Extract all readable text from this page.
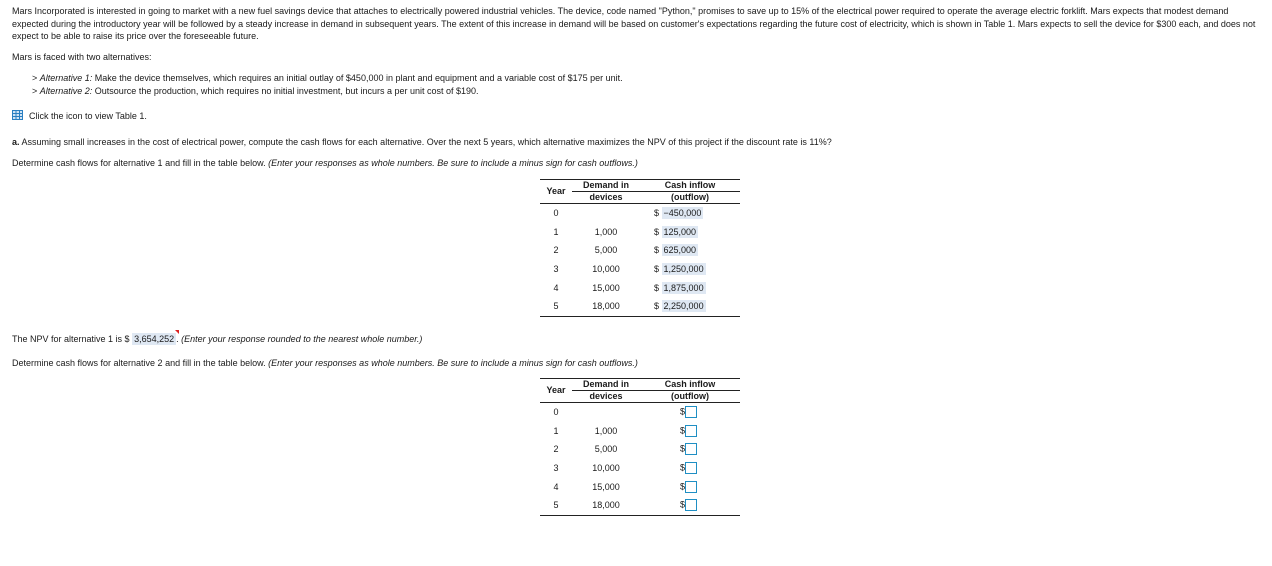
Mars Incorporated is interested in going to market with a new fuel savings device that attaches to electrically powered industrial vehicles. The device, code named "Python," promises to save up to 15% of the electrical power required to operate the average electric forklift. Mars expects that modest demand expected during the introductory year will be followed by a steady increase in demand in subsequent years. The extent of this increase in demand will be based on customer's expectations regarding the future cost of electricity, which is shown in Table 1. Mars expects to sell the device for $300 each, and does not expect to be able to raise its price over the foreseeable future.

Mars is faced with two alternatives:
> Alternative 1: Make the device themselves, which requires an initial outlay of $450,000 in plant and equipment and a variable cost of $175 per unit.
> Alternative 2: Outsource the production, which requires no initial investment, but incurs a per unit cost of $190.
Click the icon to view Table 1.
a. Assuming small increases in the cost of electrical power, compute the cash flows for each alternative. Over the next 5 years, which alternative maximizes the NPV of this project if the discount rate is 11%?
Determine cash flows for alternative 1 and fill in the table below. (Enter your responses as whole numbers. Be sure to include a minus sign for cash outflows.)
Year	Demand in	Cash inflow
	devices	(outflow)
0		$ −450,000
1	1,000	$ 125,000
2	5,000	$ 625,000
3	10,000	$ 1,250,000
4	15,000	$ 1,875,000
5	18,000	$ 2,250,000
The NPV for alternative 1 is $ 3,654,252 . (Enter your response rounded to the nearest whole number.)
Determine cash flows for alternative 2 and fill in the table below. (Enter your responses as whole numbers. Be sure to include a minus sign for cash outflows.)
Year	Demand in	Cash inflow
	devices	(outflow)
0		$
1	1,000	$
2	5,000	$
3	10,000	$
4	15,000	$
5	18,000	$
